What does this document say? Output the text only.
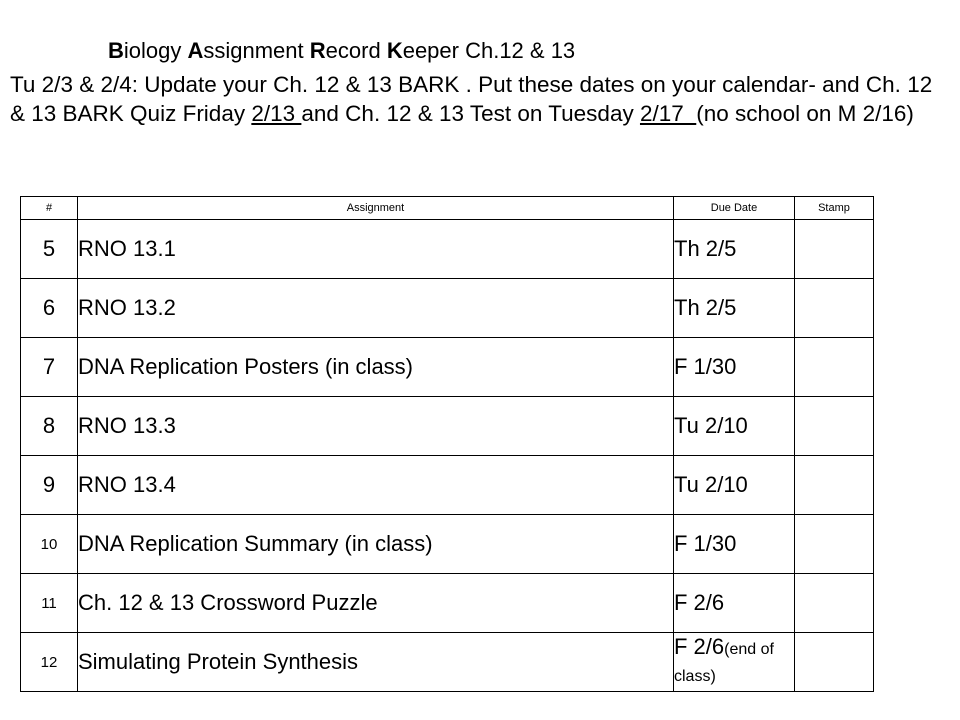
Biology Assignment Record Keeper Ch.12 & 13
Tu 2/3 & 2/4: Update your Ch. 12 & 13 BARK . Put these dates on your calendar- and Ch. 12 & 13 BARK Quiz Friday 2/13 and Ch. 12 & 13 Test on Tuesday 2/17  (no school on M 2/16)
#	Assignment	Due Date	Stamp
5	RNO 13.1	Th 2/5	
6	RNO 13.2	Th 2/5	
7	DNA Replication Posters (in class)	F 1/30	
8	RNO 13.3	Tu 2/10	
9	RNO 13.4	Tu 2/10	
10	DNA Replication Summary (in class)	F 1/30	
11	Ch. 12 & 13 Crossword Puzzle	F 2/6	
12	Simulating Protein Synthesis	F 2/6(end of class)	
